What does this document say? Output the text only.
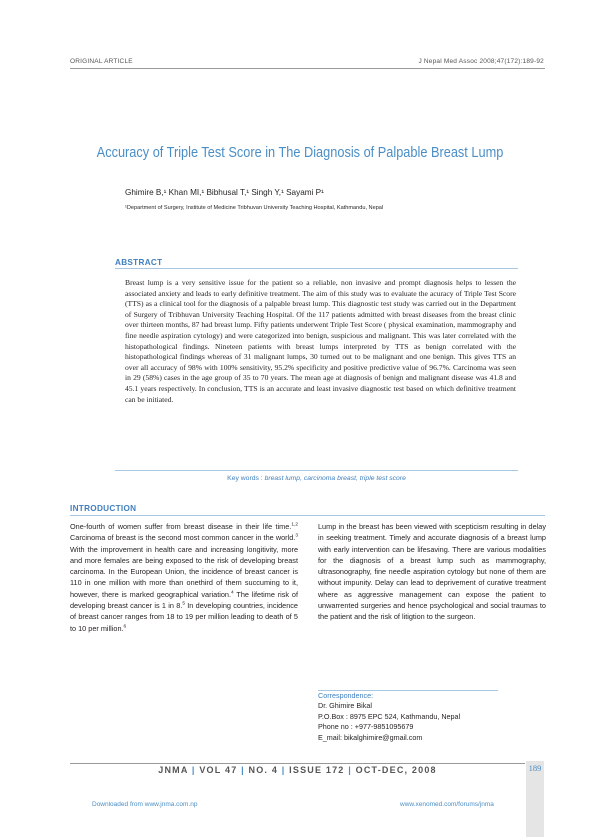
ORIGINAL ARTICLE	J Nepal Med Assoc 2008;47(172):189-92
Accuracy of Triple Test Score in The Diagnosis of Palpable Breast Lump
Ghimire B,¹ Khan MI,¹ Bibhusal T,¹ Singh Y,¹ Sayami P¹
¹Department of Surgery, Institute of Medicine Tribhuvan University Teaching Hospital, Kathmandu, Nepal
ABSTRACT
Breast lump is a very sensitive issue for the patient so a reliable, non invasive and prompt diagnosis helps to lessen the associated anxiety and leads to early definitive treatment. The aim of this study was to evaluate the acuracy of Triple Test Score (TTS) as a clinical tool for the diagnosis of a palpable breast lump. This diagnostic test study was carried out in the Department of Surgery of Tribhuvan University Teaching Hospital. Of the 117 patients admitted with breast diseases from the breast clinic over thirteen months, 87 had breast lump. Fifty patients underwent Triple Test Score ( physical examination, mammography and fine needle aspiration cytology) and were categorized into benign, suspicious and malignant. This was later correlated with the histopathological findings. Nineteen patients with breast lumps interpreted by TTS as benign correlated with the histopathological findings whereas of 31 malignant lumps, 30 turned out to be malignant and one benign. This gives TTS an over all accuracy of 98% with 100% sensitivity, 95.2% specificity and positive predictive value of 96.7%. Carcinoma was seen in 29 (58%) cases in the age group of 35 to 70 years. The mean age at diagnosis of benign and malignant disease was 41.8 and 45.1 years respectively. In conclusion, TTS is an accurate and least invasive diagnostic test based on which definitive treatment can be initiated.
Key words : breast lump, carcinoma breast, triple test score
INTRODUCTION
One-fourth of women suffer from breast disease in their life time.$^{1,2}$ Carcinoma of breast is the second most common cancer in the world.$^3$ With the improvement in health care and increasing longitivity, more and more females are being exposed to the risk of developing breast carcinoma. In the European Union, the incidence of breast cancer is 110 in one million with more than onethird of them succuming to it, however, there is marked geographical variation.$^4$ The lifetime risk of developing breast cancer is 1 in 8.$^5$ In developing countries, incidence of breast cancer ranges from 18 to 19 per million leading to death of 5 to 10 per million.$^6$
Lump in the breast has been viewed with scepticism resulting in delay in seeking treatment. Timely and accurate diagnosis of a breast lump with early intervention can be lifesaving. There are various modalities for the diagnosis of a breast lump such as mammography, ultrasonography, fine needle aspiration cytology but none of them are without impunity. Delay can lead to deprivement of curative treatment where as aggressive management can expose the patient to unwarrented surgeries and hence psychological and social traumas to the patient and the risk of litigtion to the surgeon.
Correspondence:
Dr. Ghimire Bikal
P.O.Box : 8975 EPC 524, Kathmandu, Nepal
Phone no : +977-9851095679
E_mail: bikalghimire@gmail.com
JNMA | VOL 47 | NO. 4 | ISSUE 172 | OCT-DEC, 2008	189
Downloaded from www.jnma.com.np	www.xenomed.com/forums/jnma
